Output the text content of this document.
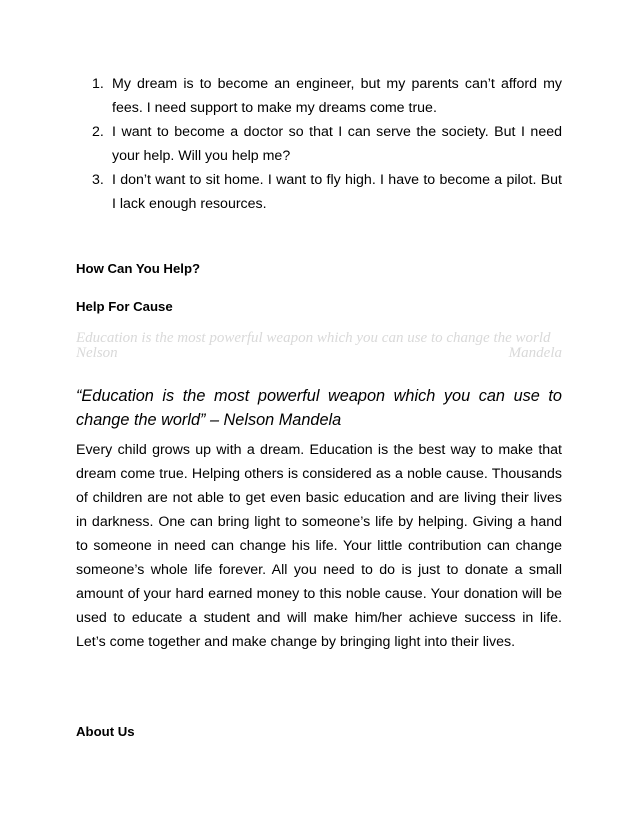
1. My dream is to become an engineer, but my parents can’t afford my fees. I need support to make my dreams come true.
2. I want to become a doctor so that I can serve the society. But I need your help. Will you help me?
3. I don’t want to sit home. I want to fly high. I have to become a pilot. But I lack enough resources.
How Can You Help?
Help For Cause
Education is the most powerful weapon which you can use to change the world
Nelson	Mandela

“Education is the most powerful weapon which you can use to change the world” – Nelson Mandela

Every child grows up with a dream. Education is the best way to make that dream come true. Helping others is considered as a noble cause. Thousands of children are not able to get even basic education and are living their lives in darkness. One can bring light to someone’s life by helping. Giving a hand to someone in need can change his life. Your little contribution can change someone’s whole life forever. All you need to do is just to donate a small amount of your hard earned money to this noble cause. Your donation will be used to educate a student and will make him/her achieve success in life. Let’s come together and make change by bringing light into their lives.

About Us
